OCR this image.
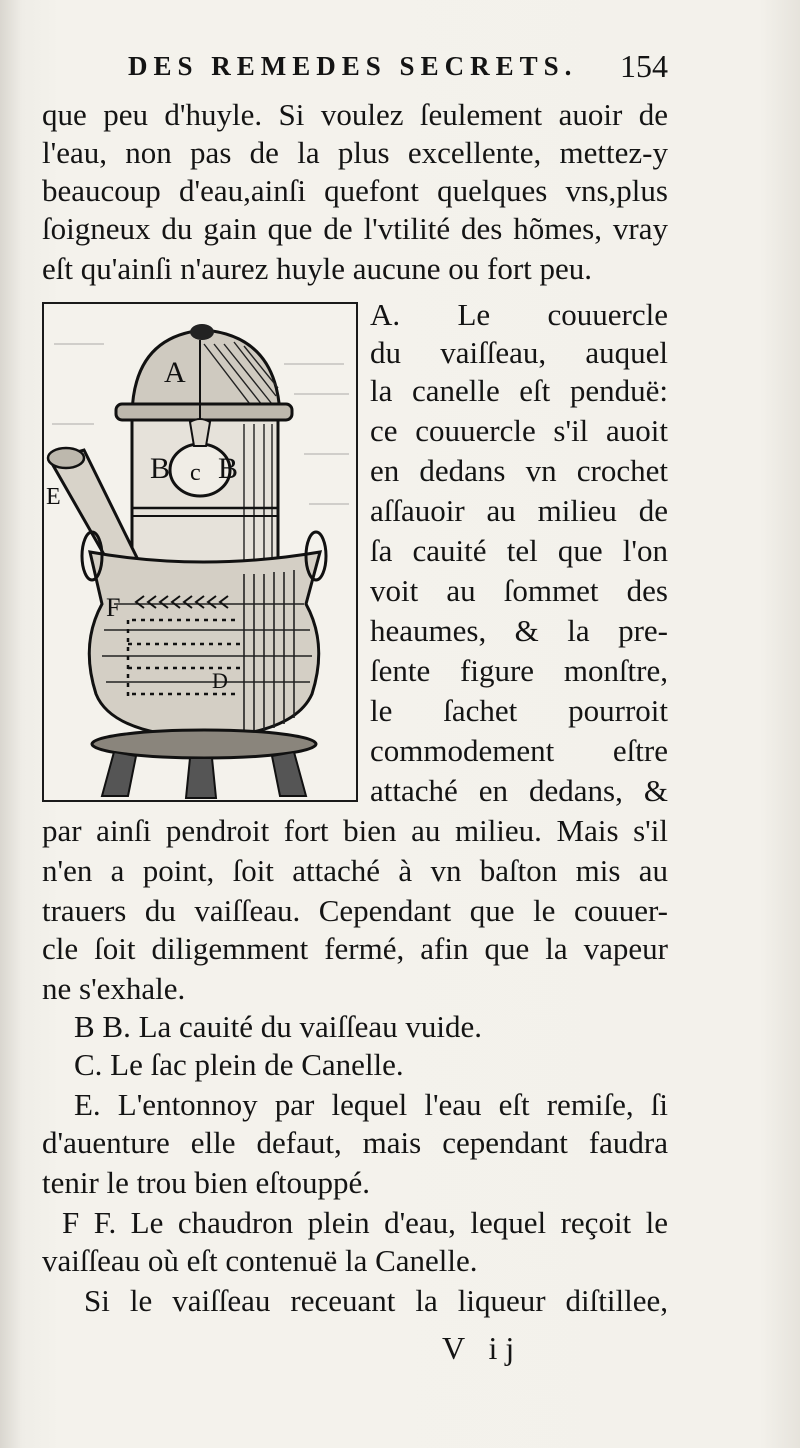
DES REMEDES SECRETS. 154
que peu d'huyle. Si voulez ſeulement auoir de
l'eau, non pas de la plus excellente, mettez-y
beaucoup d'eau,ainſi quefont quelques vns,plus
ſoigneux du gain que de l'vtilité des hõmes, vray
eſt qu'ainſi n'aurez huyle aucune ou fort peu.
A
B c B
E
F
D
A. Le couuercle
du vaiſſeau, auquel
la canelle eſt penduë:
ce couuercle s'il auoit
en dedans vn crochet
aſſauoir au milieu de
ſa cauité tel que l'on
voit au ſommet des
heaumes, & la pre-
ſente figure monſtre,
le ſachet pourroit
commodement eſtre
attaché en dedans, &
par ainſi pendroit fort bien au milieu. Mais s'il
n'en a point, ſoit attaché à vn baſton mis au
trauers du vaiſſeau. Cependant que le couuer-
cle ſoit diligemment fermé, afin que la vapeur
ne s'exhale.
B B. La cauité du vaiſſeau vuide.
C. Le ſac plein de Canelle.
E. L'entonnoy par lequel l'eau eſt remiſe, ſi
d'auenture elle defaut, mais cependant faudra
tenir le trou bien eſtouppé.
F F. Le chaudron plein d'eau, lequel reçoit le
vaiſſeau où eſt contenuë la Canelle.
Si le vaiſſeau receuant la liqueur diſtillee,
V ij
